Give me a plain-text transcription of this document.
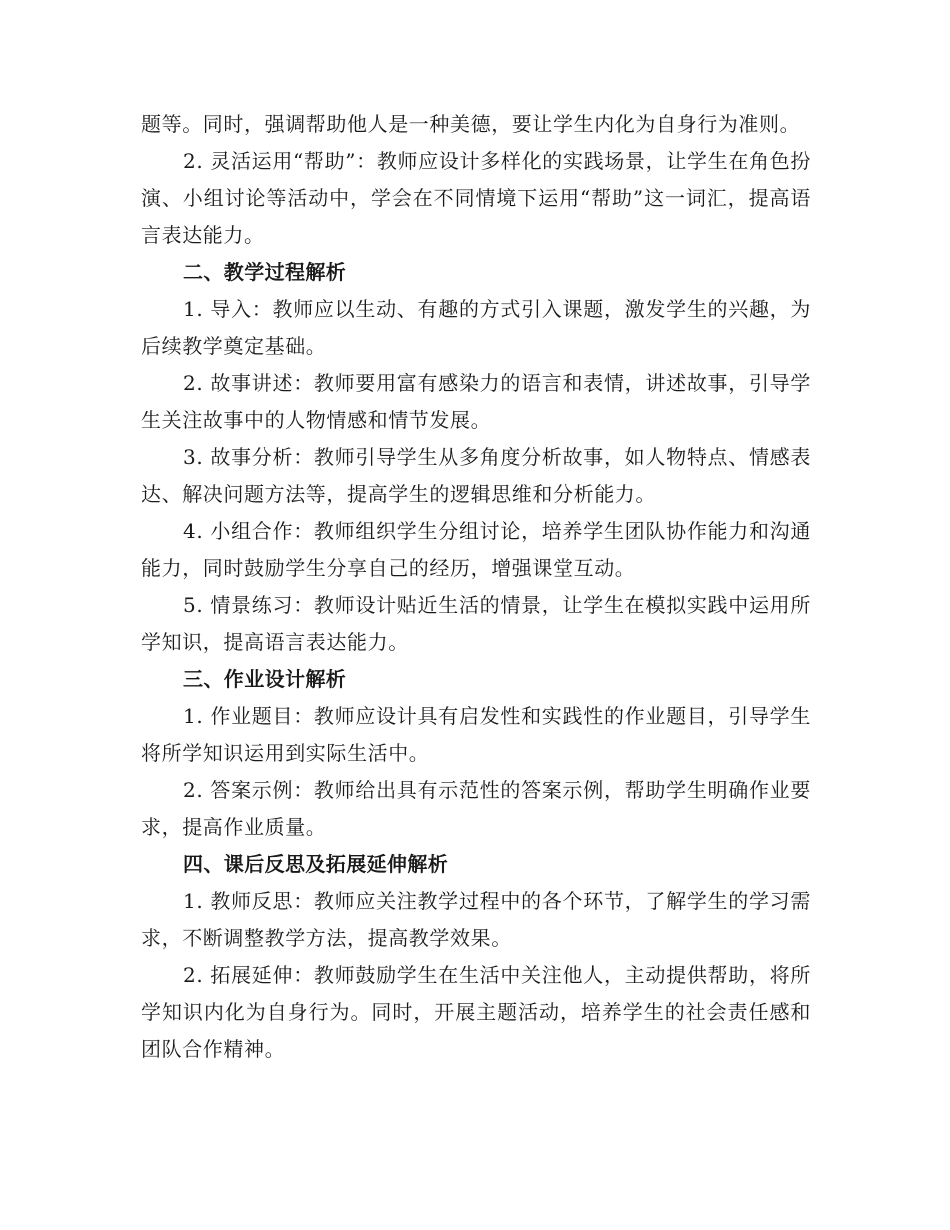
题等。同时，强调帮助他人是一种美德，要让学生内化为自身行为准则。

2. 灵活运用“帮助”：教师应设计多样化的实践场景，让学生在角色扮演、小组讨论等活动中，学会在不同情境下运用“帮助”这一词汇，提高语言表达能力。

二、教学过程解析

1. 导入：教师应以生动、有趣的方式引入课题，激发学生的兴趣，为后续教学奠定基础。

2. 故事讲述：教师要用富有感染力的语言和表情，讲述故事，引导学生关注故事中的人物情感和情节发展。

3. 故事分析：教师引导学生从多角度分析故事，如人物特点、情感表达、解决问题方法等，提高学生的逻辑思维和分析能力。

4. 小组合作：教师组织学生分组讨论，培养学生团队协作能力和沟通能力，同时鼓励学生分享自己的经历，增强课堂互动。

5. 情景练习：教师设计贴近生活的情景，让学生在模拟实践中运用所学知识，提高语言表达能力。

三、作业设计解析

1. 作业题目：教师应设计具有启发性和实践性的作业题目，引导学生将所学知识运用到实际生活中。

2. 答案示例：教师给出具有示范性的答案示例，帮助学生明确作业要求，提高作业质量。

四、课后反思及拓展延伸解析

1. 教师反思：教师应关注教学过程中的各个环节，了解学生的学习需求，不断调整教学方法，提高教学效果。

2. 拓展延伸：教师鼓励学生在生活中关注他人，主动提供帮助，将所学知识内化为自身行为。同时，开展主题活动，培养学生的社会责任感和团队合作精神。
